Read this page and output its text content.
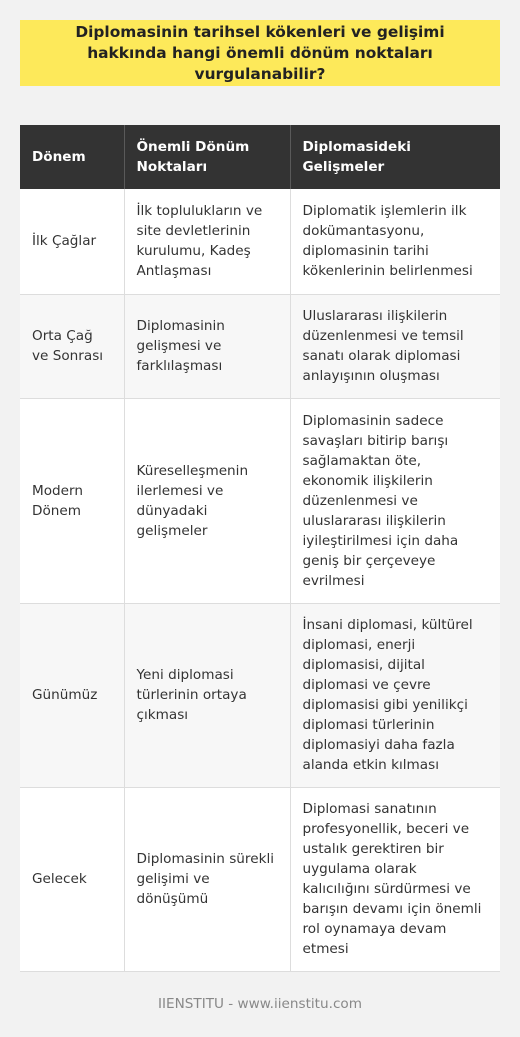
Diplomasinin tarihsel kökenleri ve gelişimi hakkında hangi önemli dönüm noktaları vurgulanabilir?
Dönem	Önemli Dönüm Noktaları	Diplomasideki Gelişmeler
İlk Çağlar	İlk toplulukların ve site devletlerinin kurulumu, Kadeş Antlaşması	Diplomatik işlemlerin ilk dokümantasyonu, diplomasinin tarihi kökenlerinin belirlenmesi
Orta Çağ ve Sonrası	Diplomasinin gelişmesi ve farklılaşması	Uluslararası ilişkilerin düzenlenmesi ve temsil sanatı olarak diplomasi anlayışının oluşması
Modern Dönem	Küreselleşmenin ilerlemesi ve dünyadaki gelişmeler	Diplomasinin sadece savaşları bitirip barışı sağlamaktan öte, ekonomik ilişkilerin düzenlenmesi ve uluslararası ilişkilerin iyileştirilmesi için daha geniş bir çerçeveye evrilmesi
Günümüz	Yeni diplomasi türlerinin ortaya çıkması	İnsani diplomasi, kültürel diplomasi, enerji diplomasisi, dijital diplomasi ve çevre diplomasisi gibi yenilikçi diplomasi türlerinin diplomasiyi daha fazla alanda etkin kılması
Gelecek	Diplomasinin sürekli gelişimi ve dönüşümü	Diplomasi sanatının profesyonellik, beceri ve ustalık gerektiren bir uygulama olarak kalıcılığını sürdürmesi ve barışın devamı için önemli rol oynamaya devam etmesi
IIENSTITU - www.iienstitu.com
